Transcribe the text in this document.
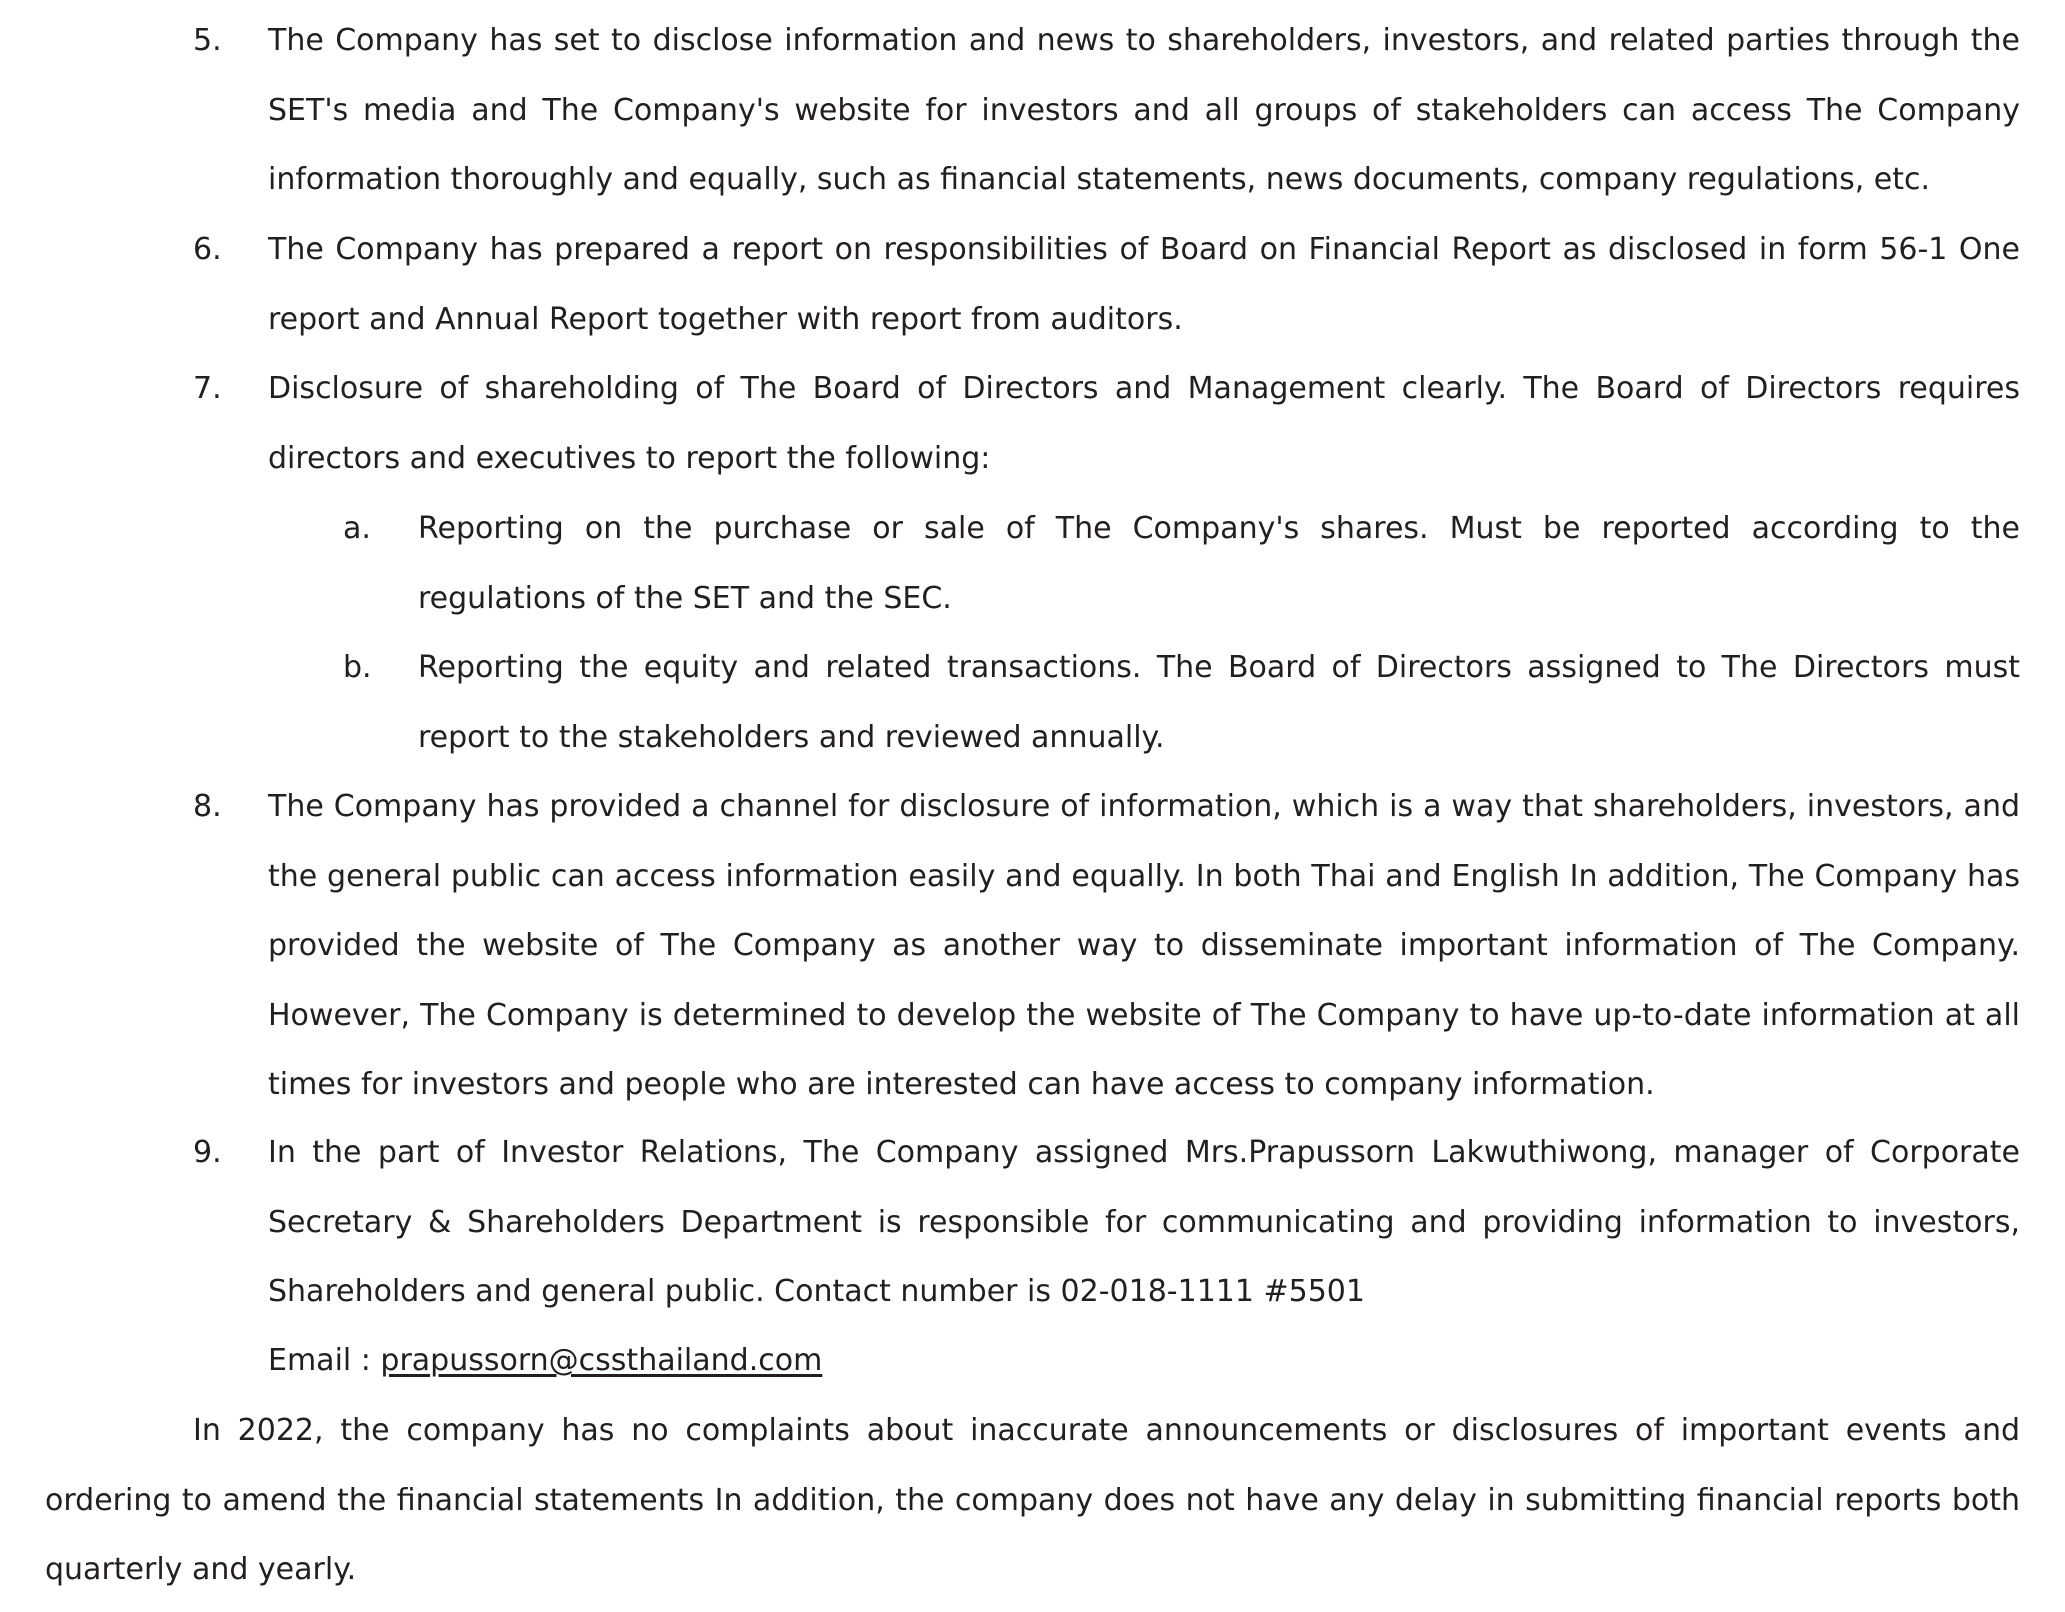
5. The Company has set to disclose information and news to shareholders, investors, and related parties through the SET's media and The Company's website for investors and all groups of stakeholders can access The Company information thoroughly and equally, such as financial statements, news documents, company regulations, etc.
6. The Company has prepared a report on responsibilities of Board on Financial Report as disclosed in form 56-1 One report and Annual Report together with report from auditors.
7. Disclosure of shareholding of The Board of Directors and Management clearly. The Board of Directors requires directors and executives to report the following:
a. Reporting on the purchase or sale of The Company's shares. Must be reported according to the regulations of the SET and the SEC.
b. Reporting the equity and related transactions. The Board of Directors assigned to The Directors must report to the stakeholders and reviewed annually.
8. The Company has provided a channel for disclosure of information, which is a way that shareholders, investors, and the general public can access information easily and equally. In both Thai and English In addition, The Company has provided the website of The Company as another way to disseminate important information of The Company. However, The Company is determined to develop the website of The Company to have up-to-date information at all times for investors and people who are interested can have access to company information.
9. In the part of Investor Relations, The Company assigned Mrs.Prapussorn Lakwuthiwong, manager of Corporate Secretary & Shareholders Department is responsible for communicating and providing information to investors, Shareholders and general public. Contact number is 02-018-1111 #5501
Email : prapussorn@cssthailand.com
In 2022, the company has no complaints about inaccurate announcements or disclosures of important events and ordering to amend the financial statements In addition, the company does not have any delay in submitting financial reports both quarterly and yearly.
